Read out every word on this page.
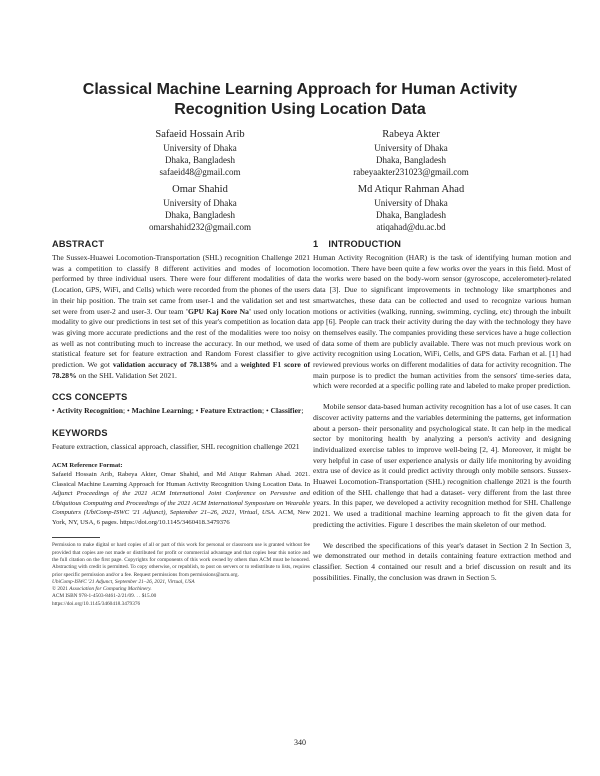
Classical Machine Learning Approach for Human Activity
Recognition Using Location Data
Safaeid Hossain Arib
University of Dhaka
Dhaka, Bangladesh
safaeid48@gmail.com
Rabeya Akter
University of Dhaka
Dhaka, Bangladesh
rabeyaakter231023@gmail.com
Omar Shahid
University of Dhaka
Dhaka, Bangladesh
omarshahid232@gmail.com
Md Atiqur Rahman Ahad
University of Dhaka
Dhaka, Bangladesh
atiqahad@du.ac.bd
ABSTRACT

The Sussex-Huawei Locomotion-Transportation (SHL) recognition Challenge 2021 was a competition to classify 8 different activities and modes of locomotion performed by three individual users. There were four different modalities of data (Location, GPS, WiFi, and Cells) which were recorded from the phones of the users in their hip position. The train set came from user-1 and the validation set and test set were from user-2 and user-3. Our team 'GPU Kaj Kore Na' used only location modality to give our predictions in test set of this year's competition as location data was giving more accurate predictions and the rest of the modalities were too noisy as well as not contributing much to increase the accuracy. In our method, we used statistical feature set for feature extraction and Random Forest classifier to give prediction. We got validation accuracy of 78.138% and a weighted F1 score of 78.28% on the SHL Validation Set 2021.

CCS CONCEPTS

• Activity Recognition; • Machine Learning; • Feature Extraction; • Classifier;

KEYWORDS

Feature extraction, classical approach, classifier, SHL recognition challenge 2021

ACM Reference Format:

Safaeid Hossain Arib, Rabeya Akter, Omar Shahid, and Md Atiqur Rahman Ahad. 2021. Classical Machine Learning Approach for Human Activity Recognition Using Location Data. In Adjunct Proceedings of the 2021 ACM International Joint Conference on Pervasive and Ubiquitous Computing and Proceedings of the 2021 ACM International Symposium on Wearable Computers (UbiComp-ISWC '21 Adjunct), September 21–26, 2021, Virtual, USA. ACM, New York, NY, USA, 6 pages. https://doi.org/10.1145/3460418.3479376

Permission to make digital or hard copies of all or part of this work for personal or classroom use is granted without fee provided that copies are not made or distributed for profit or commercial advantage and that copies bear this notice and the full citation on the first page. Copyrights for components of this work owned by others than ACM must be honored. Abstracting with credit is permitted. To copy otherwise, or republish, to post on servers or to redistribute to lists, requires prior specific permission and/or a fee. Request permissions from permissions@acm.org.

UbiComp-ISWC '21 Adjunct, September 21–26, 2021, Virtual, USA
© 2021 Association for Computing Machinery.
ACM ISBN 978-1-4503-8461-2/21/09. . . $15.00
https://doi.org/10.1145/3460418.3479376
1 INTRODUCTION

Human Activity Recognition (HAR) is the task of identifying human motion and locomotion. There have been quite a few works over the years in this field. Most of the works were based on the body-worn sensor (gyroscope, accelerometer)-related data [3]. Due to significant improvements in technology like smartphones and smartwatches, these data can be collected and used to recognize various human motions or activities (walking, running, swimming, cycling, etc) through the inbuilt app [6]. People can track their activity during the day with the technology they have on themselves easily. The companies providing these services have a huge collection of data some of them are publicly available. There was not much previous work on activity recognition using Location, WiFi, Cells, and GPS data. Farhan et al. [1] had reviewed previous works on different modalities of data for activity recognition. The main purpose is to predict the human activities from the sensors' time-series data, which were recorded at a specific polling rate and labeled to make proper prediction.

Mobile sensor data-based human activity recognition has a lot of use cases. It can discover activity patterns and the variables determining the patterns, get information about a person- their personality and psychological state. It can help in the medical sector by monitoring health by analyzing a person's activity and designing individualized exercise tables to improve well-being [2, 4]. Moreover, it might be very helpful in case of user experience analysis or daily life monitoring by avoiding extra use of device as it could predict activity through only mobile sensors. Sussex-Huawei Locomotion-Transportation (SHL) recognition challenge 2021 is the fourth edition of the SHL challenge that had a dataset- very different from the last three years. In this paper, we developed a activity recognition method for SHL Challenge 2021. We used a traditional machine learning approach to fit the given data for predicting the activities. Figure 1 describes the main skeleton of our method.

We described the specifications of this year's dataset in Section 2 In Section 3, we demonstrated our method in details containing feature extraction method and classifier. Section 4 contained our result and a brief discussion on result and its possibilities. Finally, the conclusion was drawn in Section 5.

340
